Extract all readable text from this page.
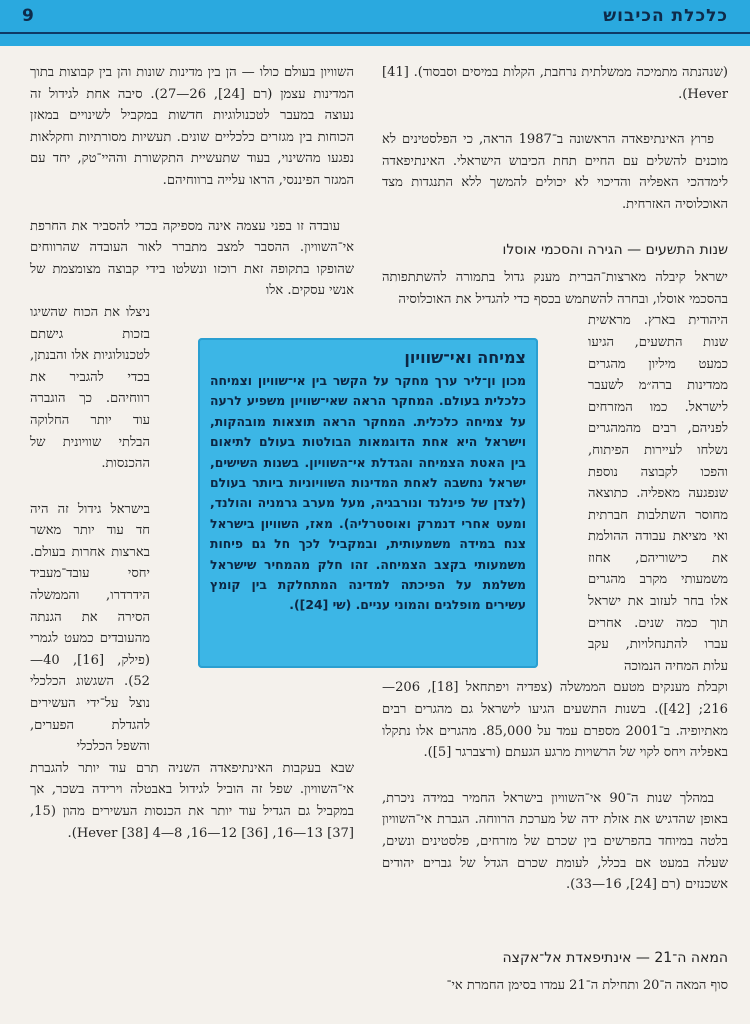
כלכלת הכיבוש
9

(שנהנתה מתמיכה ממשלתית נרחבת, הקלות במיסים וסבסוד). [41] Hever).

פרוץ האינתיפאדה הראשונה ב־1987 הראה, כי הפלסטינים לא מוכנים להשלים עם החיים תחת הכיבוש הישראלי. האינתיפאדה לימדהכי האפליה והדיכוי לא יכולים להמשך ללא התנגדות מצד האוכלוסיה האזרחית.

שנות התשעים — הגירה והסכמי אוסלו

ישראל קיבלה מארצות־הברית מענק גדול בתמורה להשתתפותה בהסכמי אוסלו, ובחרה להשתמש בכסף כדי להגדיל את האוכלוסיה

היהודית בארץ. מראשית שנות התשעים, הגיעו כמעט מיליון מהגרים ממדינות ברה״מ לשעבר לישראל. כמו המזרחים לפניהם, רבים מהמהגרים נשלחו לעיירות הפיתוח, והפכו לקבוצה נוספת שנפגעה מאפליה. כתוצאה מחוסר השתלבות חברתית ואי מציאת עבודה ההולמת את כישוריהם, אחוז משמעותי מקרב מהגרים אלו בחר לעזוב את ישראל תוך כמה שנים. אחרים עברו להתנחלויות, עקב עלות המחיה הנמוכה

וקבלת מענקים מטעם הממשלה (צפדיה ויפתחאל [18], 206—216; [42]). בשנות התשעים הגיעו לישראל גם מהגרים רבים מאתיופיה. ב־2001 מספרם עמד על 85,000. מהגרים אלו נתקלו באפליה ויחס לקוי של הרשויות מרגע הגעתם (ורצברגר [5]).

במהלך שנות ה־90 אי־השוויון בישראל החמיר במידה ניכרת, באופן שהדגיש את אזלת ידה של מערכת הרווחה. הגברת אי־השוויון בלטה במיוחד בהפרשים בין שכרם של מזרחים, פלסטינים ונשים, שעלה במעט אם בכלל, לעומת שכרם הגדל של גברים יהודים אשכנזים (רם [24], 16—33).

השוויון בעולם כולו — הן בין מדינות שונות והן בין קבוצות בתוך המדינות עצמן (רם [24], 26—27). סיבה אחת לגידול זה נעוצה במעבר לטכנולוגיות חדשות במקביל לשינויים במאזן הכוחות בין מגזרים כלכליים שונים. תעשיות מסורתיות וחקלאות נפגעו מהשינוי, בעוד שתעשיית התקשורת וההיי־טק, יחד עם המגזר הפיננסי, הראו עלייה ברווחיהם.

עובדה זו בפני עצמה אינה מספיקה בכדי להסביר את החרפת אי־השוויון. ההסבר למצב מתברר לאור העובדה שהרווחים שהופקו בתקופה זאת רוכזו ונשלטו בידי קבוצה מצומצמת של אנשי עסקים. אלו

ניצלו את הכוח שהשיגו בזכות גישתם לטכנולוגיות אלו והבנתן, בכדי להגביר את רווחיהם. כך הוגברה עוד יותר החלוקה הבלתי שוויונית של ההכנסות.
בישראל גידול זה היה חד עוד יותר מאשר בארצות אחרות בעולם. יחסי עובד־מעביד הידרדרו, והממשלה הסירה את הגנתה מהעובדים כמעט לגמרי (פילק, [16], 40—52). השגשוג הכלכלי נוצל על־ידי העשירים להגדלת הפערים, והשפל הכלכלי

שבא בעקבות האינתיפאדה השניה תרם עוד יותר להגברת אי־השוויון. שפל זה הוביל לגידול באבטלה וירידה בשכר, אך במקביל גם הגדיל עוד יותר את הכנסות העשירים מהון (15,[37] 13—16, [36] 12—16, Hever [38] 4—8).

צמיחה ואי־שוויון
מכון ון־ליר ערך מחקר על הקשר בין אי־שוויון וצמיחה כלכלית בעולם. המחקר הראה שאי־שוויון משפיע לרעה על צמיחה כלכלית. המחקר הראה תוצאות מובהקות, וישראל היא אחת הדוגמאות הבולטות בעולם לתיאום בין האטת הצמיחה והגדלת אי־השוויון. בשנות השישים, ישראל נחשבה לאחת המדינות השוויוניות ביותר בעולם (לצדן של פינלנד ונורבגיה, מעל מערב גרמניה והולנד, ומעט אחרי דנמרק ואוסטרליה). מאז, השוויון בישראל צנח במידה משמעותית, ובמקביל לכך חל גם פיחות משמעותי בקצב הצמיחה. זהו חלק מהמחיר שישראל משלמת על הפיכתה למדינה המתחלקת בין קומץ עשירים מופלגים והמוני עניים. (שי [24]).
המאה ה־21 — אינתיפאדת אל־אקצה
סוף המאה ה־20 ותחילת ה־21 עמדו בסימן החמרת אי־
